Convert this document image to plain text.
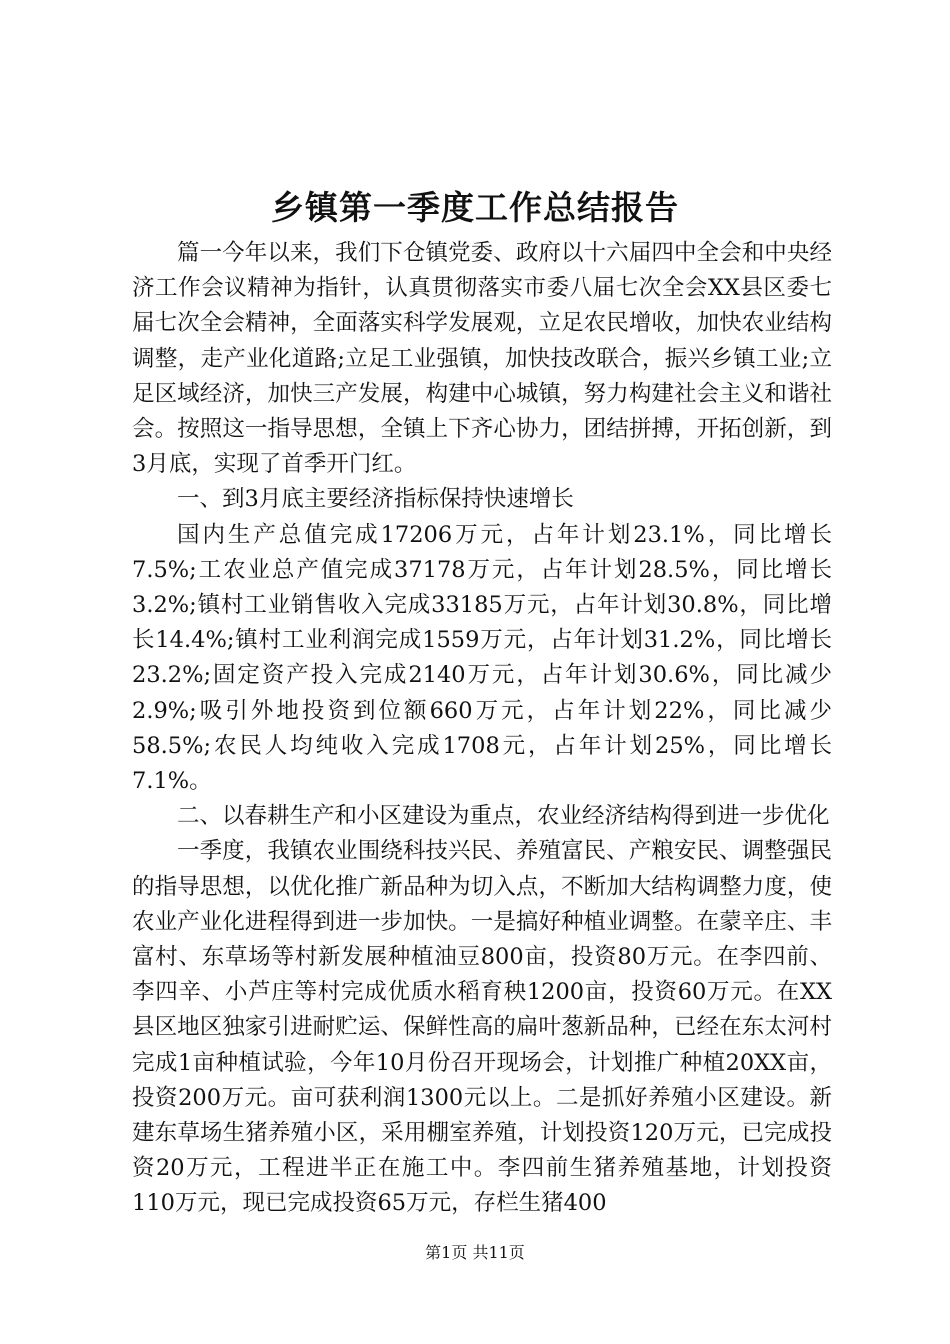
乡镇第一季度工作总结报告

篇一今年以来，我们下仓镇党委、政府以十六届四中全会和中央经济工作会议精神为指针，认真贯彻落实市委八届七次全会XX县区委七届七次全会精神，全面落实科学发展观，立足农民增收，加快农业结构调整，走产业化道路;立足工业强镇，加快技改联合，振兴乡镇工业;立足区域经济，加快三产发展，构建中心城镇，努力构建社会主义和谐社会。按照这一指导思想，全镇上下齐心协力，团结拼搏，开拓创新，到3月底，实现了首季开门红。

一、到3月底主要经济指标保持快速增长

国内生产总值完成17206万元，占年计划23.1%，同比增长7.5%;工农业总产值完成37178万元，占年计划28.5%，同比增长3.2%;镇村工业销售收入完成33185万元，占年计划30.8%，同比增长14.4%;镇村工业利润完成1559万元，占年计划31.2%，同比增长23.2%;固定资产投入完成2140万元，占年计划30.6%，同比减少2.9%;吸引外地投资到位额660万元，占年计划22%，同比减少58.5%;农民人均纯收入完成1708元，占年计划25%，同比增长7.1%。

二、以春耕生产和小区建设为重点，农业经济结构得到进一步优化

一季度，我镇农业围绕科技兴民、养殖富民、产粮安民、调整强民的指导思想，以优化推广新品种为切入点，不断加大结构调整力度，使农业产业化进程得到进一步加快。一是搞好种植业调整。在蒙辛庄、丰富村、东草场等村新发展种植油豆800亩，投资80万元。在李四前、李四辛、小芦庄等村完成优质水稻育秧1200亩，投资60万元。在XX县区地区独家引进耐贮运、保鲜性高的扁叶葱新品种，已经在东太河村完成1亩种植试验，今年10月份召开现场会，计划推广种植20XX亩，投资200万元。亩可获利润1300元以上。二是抓好养殖小区建设。新建东草场生猪养殖小区，采用棚室养殖，计划投资120万元，已完成投资20万元，工程进半正在施工中。李四前生猪养殖基地，计划投资110万元，现已完成投资65万元，存栏生猪400

第1页 共11页
